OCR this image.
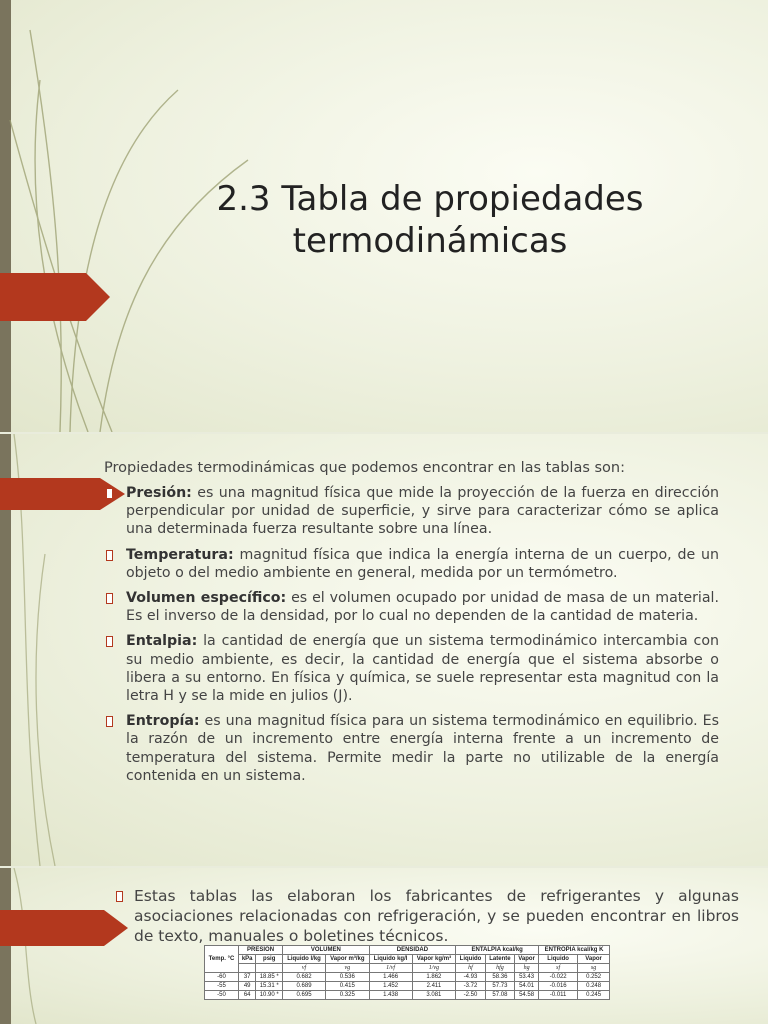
2.3 Tabla de propiedades termodinámicas
Propiedades termodinámicas que podemos encontrar en las tablas son:
Presión: es una magnitud física que mide la proyección de la fuerza en dirección perpendicular por unidad de superficie, y sirve para caracterizar cómo se aplica una determinada fuerza resultante sobre una línea.
Temperatura: magnitud física que indica la energía interna de un cuerpo, de un objeto o del medio ambiente en general, medida por un termómetro.
Volumen específico: es el volumen ocupado por unidad de masa de un material. Es el inverso de la densidad, por lo cual no dependen de la cantidad de materia.
Entalpia: la cantidad de energía que un sistema termodinámico intercambia con su medio ambiente, es decir, la cantidad de energía que el sistema absorbe o libera a su entorno. En física y química, se suele representar esta magnitud con la letra H y se la mide en julios (J).
Entropía: es una magnitud física para un sistema termodinámico en equilibrio. Es la razón de un incremento entre energía interna frente a un incremento de temperatura del sistema. Permite medir la parte no utilizable de la energía contenida en un sistema.
Estas tablas las elaboran los fabricantes de refrigerantes y algunas asociaciones relacionadas con refrigeración, y se pueden encontrar en libros de texto, manuales o boletines técnicos.
Temp. °C	PRESION		VOLUMEN		DENSIDAD		ENTALPIA kcal/kg			ENTROPIA kcal/kg K	
	kPa	psig	Liquido l/kg	Vapor m³/kg	Liquido kg/l	Vapor kg/m³	Liquido	Latente	Vapor	Liquido	Vapor
			vf	vg	1/vf	1/vg	hf	hfg	hg	sf	sg
-60	37	18.85 *	0.682	0.536	1.466	1.862	-4.93	58.36	53.43	-0.022	0.252
-55	49	15.31 *	0.689	0.415	1.452	2.411	-3.72	57.73	54.01	-0.016	0.248
-50	64	10.90 *	0.695	0.325	1.438	3.081	-2.50	57.08	54.58	-0.011	0.245
